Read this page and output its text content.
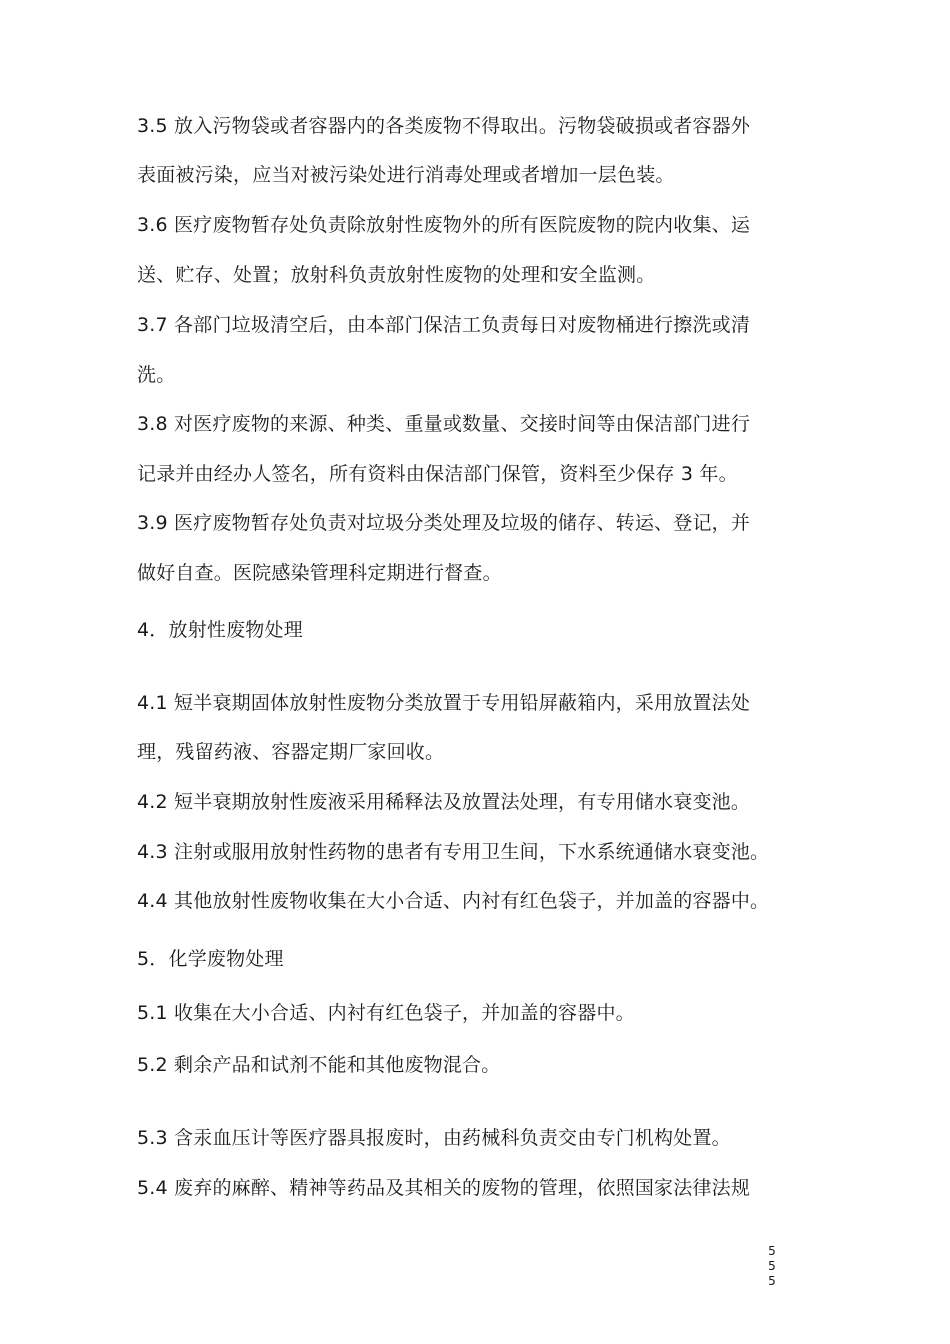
3.5 放入污物袋或者容器内的各类废物不得取出。污物袋破损或者容器外
表面被污染，应当对被污染处进行消毒处理或者增加一层色装。
3.6 医疗废物暂存处负责除放射性废物外的所有医院废物的院内收集、运
送、贮存、处置；放射科负责放射性废物的处理和安全监测。
3.7 各部门垃圾清空后，由本部门保洁工负责每日对废物桶进行擦洗或清
洗。
3.8 对医疗废物的来源、种类、重量或数量、交接时间等由保洁部门进行
记录并由经办人签名，所有资料由保洁部门保管，资料至少保存 3 年。
3.9 医疗废物暂存处负责对垃圾分类处理及垃圾的储存、转运、登记，并
做好自查。医院感染管理科定期进行督查。
4．放射性废物处理
4.1 短半衰期固体放射性废物分类放置于专用铅屏蔽箱内，采用放置法处
理，残留药液、容器定期厂家回收。
4.2 短半衰期放射性废液采用稀释法及放置法处理，有专用储水衰变池。
4.3 注射或服用放射性药物的患者有专用卫生间，下水系统通储水衰变池。
4.4 其他放射性废物收集在大小合适、内衬有红色袋子，并加盖的容器中。
5．化学废物处理
5.1 收集在大小合适、内衬有红色袋子，并加盖的容器中。
5.2 剩余产品和试剂不能和其他废物混合。
5.3 含汞血压计等医疗器具报废时，由药械科负责交由专门机构处置。
5.4 废弃的麻醉、精神等药品及其相关的废物的管理，依照国家法律法规
5
5
5
